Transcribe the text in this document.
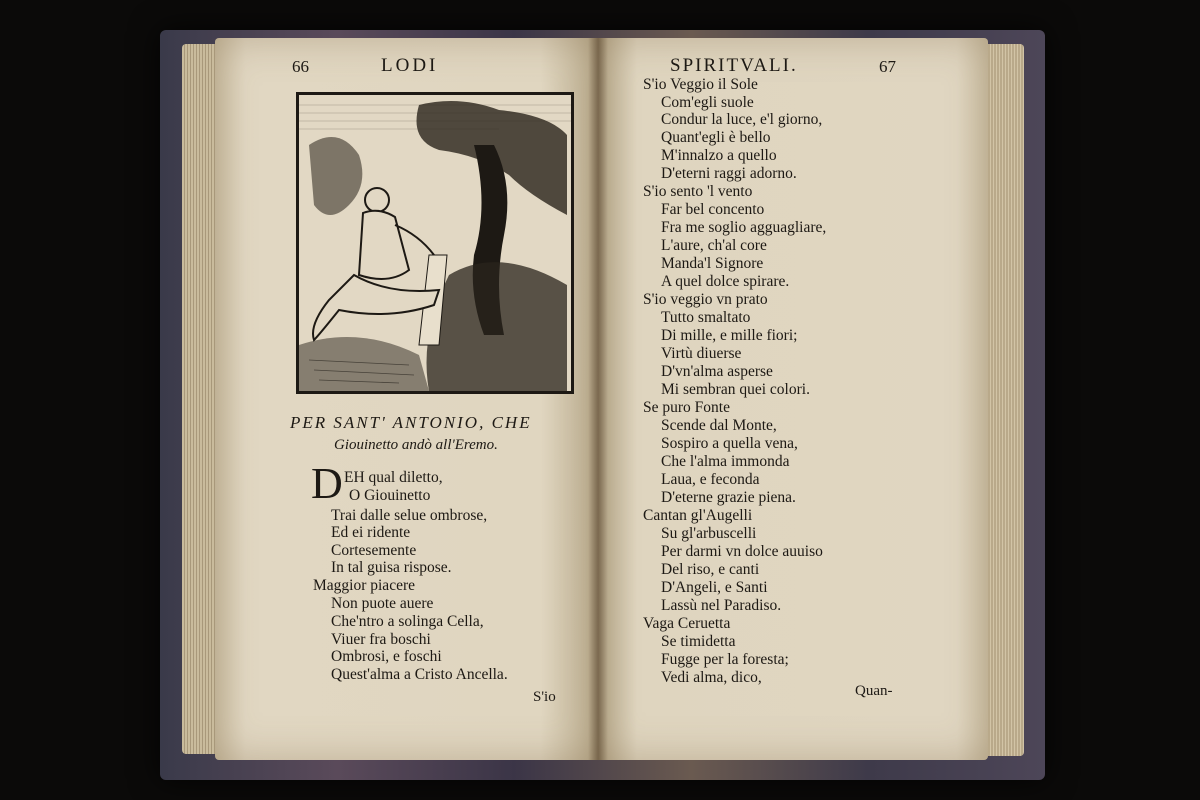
66	LODI
PER SANT' ANTONIO, CHE
Giouinetto andò all'Eremo.
D EH qual diletto,
O Giouinetto
Trai dalle selue ombrose,
Ed ei ridente
Cortesemente
In tal guisa rispose.
Maggior piacere
Non puote auere
Che'ntro a solinga Cella,
Viuer fra boschi
Ombrosi, e foschi
Quest'alma a Cristo Ancella.
S'io
SPIRITVALI.	67
S'io Veggio il Sole
Com'egli suole
Condur la luce, e'l giorno,
Quant'egli è bello
M'innalzo a quello
D'eterni raggi adorno.
S'io sento 'l vento
Far bel concento
Fra me soglio agguagliare,
L'aure, ch'al core
Manda'l Signore
A quel dolce spirare.
S'io veggio vn prato
Tutto smaltato
Di mille, e mille fiori;
Virtù diuerse
D'vn'alma asperse
Mi sembran quei colori.
Se puro Fonte
Scende dal Monte,
Sospiro a quella vena,
Che l'alma immonda
Laua, e feconda
D'eterne grazie piena.
Cantan gl'Augelli
Su gl'arbuscelli
Per darmi vn dolce auuiso
Del riso, e canti
D'Angeli, e Santi
Lassù nel Paradiso.
Vaga Ceruetta
Se timidetta
Fugge per la foresta;
Vedi alma, dico,
Quan-
